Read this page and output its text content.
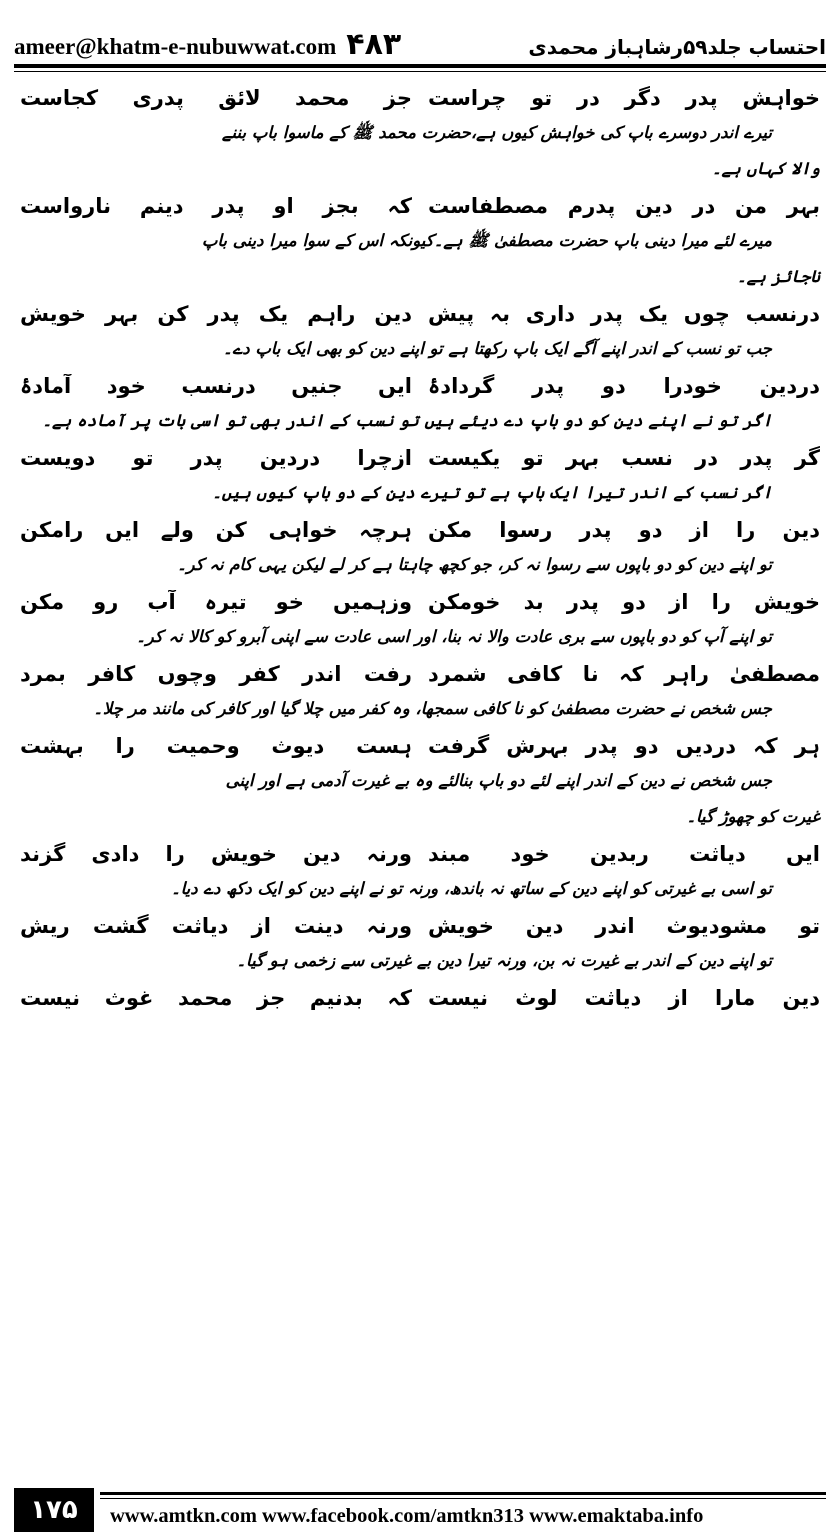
ameer@khatm-e-nubuwwat.com ۴۸۳	احتساب جلد۵۹رشاہباز محمدی
خواہش پدر دگر در تو چراست
جز محمد لائق پدری کجاست
تیرے اندر دوسرے باپ کی خواہش کیوں ہے،حضرت محمد ﷺ کے ماسوا باپ بننے
والا کہاں ہے۔
بہر من در دین پدرم مصطفاست
کہ بجز او پدر دینم نارواست
میرے لئے میرا دینی باپ حضرت مصطفیٰ ﷺ ہے۔کیونکہ اس کے سوا میرا دینی باپ
ناجائز ہے۔
درنسب چوں یک پدر داری بہ پیش
دین راہم یک پدر کن بہر خویش
جب تو نسب کے اندر اپنے آگے ایک باپ رکھتا ہے تو اپنے دین کو بھی ایک باپ دے۔
دردین خودرا دو پدر گردادۂ
ایں جنیں درنسب خود آمادۂ
اگر تو نے اپنے دین کو دو باپ دے دیئے ہیں تو نسب کے اندر بھی تو اسی بات پر آمادہ ہے۔
گر پدر در نسب بہر تو یکیست
ازچرا دردین پدر تو دویست
اگر نسب کے اندر تیرا ایک باپ ہے تو تیرے دین کے دو باپ کیوں ہیں۔
دین را از دو پدر رسوا مکن
ہرچہ خواہی کن ولے ایں رامکن
تو اپنے دین کو دو باپوں سے رسوا نہ کر، جو کچھ چاہتا ہے کر لے لیکن یہی کام نہ کر۔
خویش را از دو پدر بد خومکن
وزہمیں خو تیرہ آب رو مکن
تو اپنے آپ کو دو باپوں سے بری عادت والا نہ بنا، اور اسی عادت سے اپنی آبرو کو کالا نہ کر۔
مصطفیٰ راہر کہ نا کافی شمرد
رفت اندر کفر وچوں کافر بمرد
جس شخص نے حضرت مصطفیٰ کو نا کافی سمجھا، وہ کفر میں چلا گیا اور کافر کی مانند مر چلا۔
ہر کہ دردیں دو پدر بہرش گرفت
ہست دیوث وحمیت را بہشت
جس شخص نے دین کے اندر اپنے لئے دو باپ بنالئے وہ بے غیرت آدمی ہے اور اپنی
غیرت کو چھوڑ گیا۔
ایں دیاثت ربدین خود مبند
ورنہ دین خویش را دادی گزند
تو اسی بے غیرتی کو اپنے دین کے ساتھ نہ باندھ، ورنہ تو نے اپنے دین کو ایک دکھ دے دیا۔
تو مشودیوث اندر دین خویش
ورنہ دینت از دیاثت گشت ریش
تو اپنے دین کے اندر بے غیرت نہ بن، ورنہ تیرا دین بے غیرتی سے زخمی ہو گیا۔
دین مارا از دیاثت لوث نیست
کہ بدنیم جز محمد غوث نیست
۱۷۵	www.amtkn.com www.facebook.com/amtkn313 www.emaktaba.info
